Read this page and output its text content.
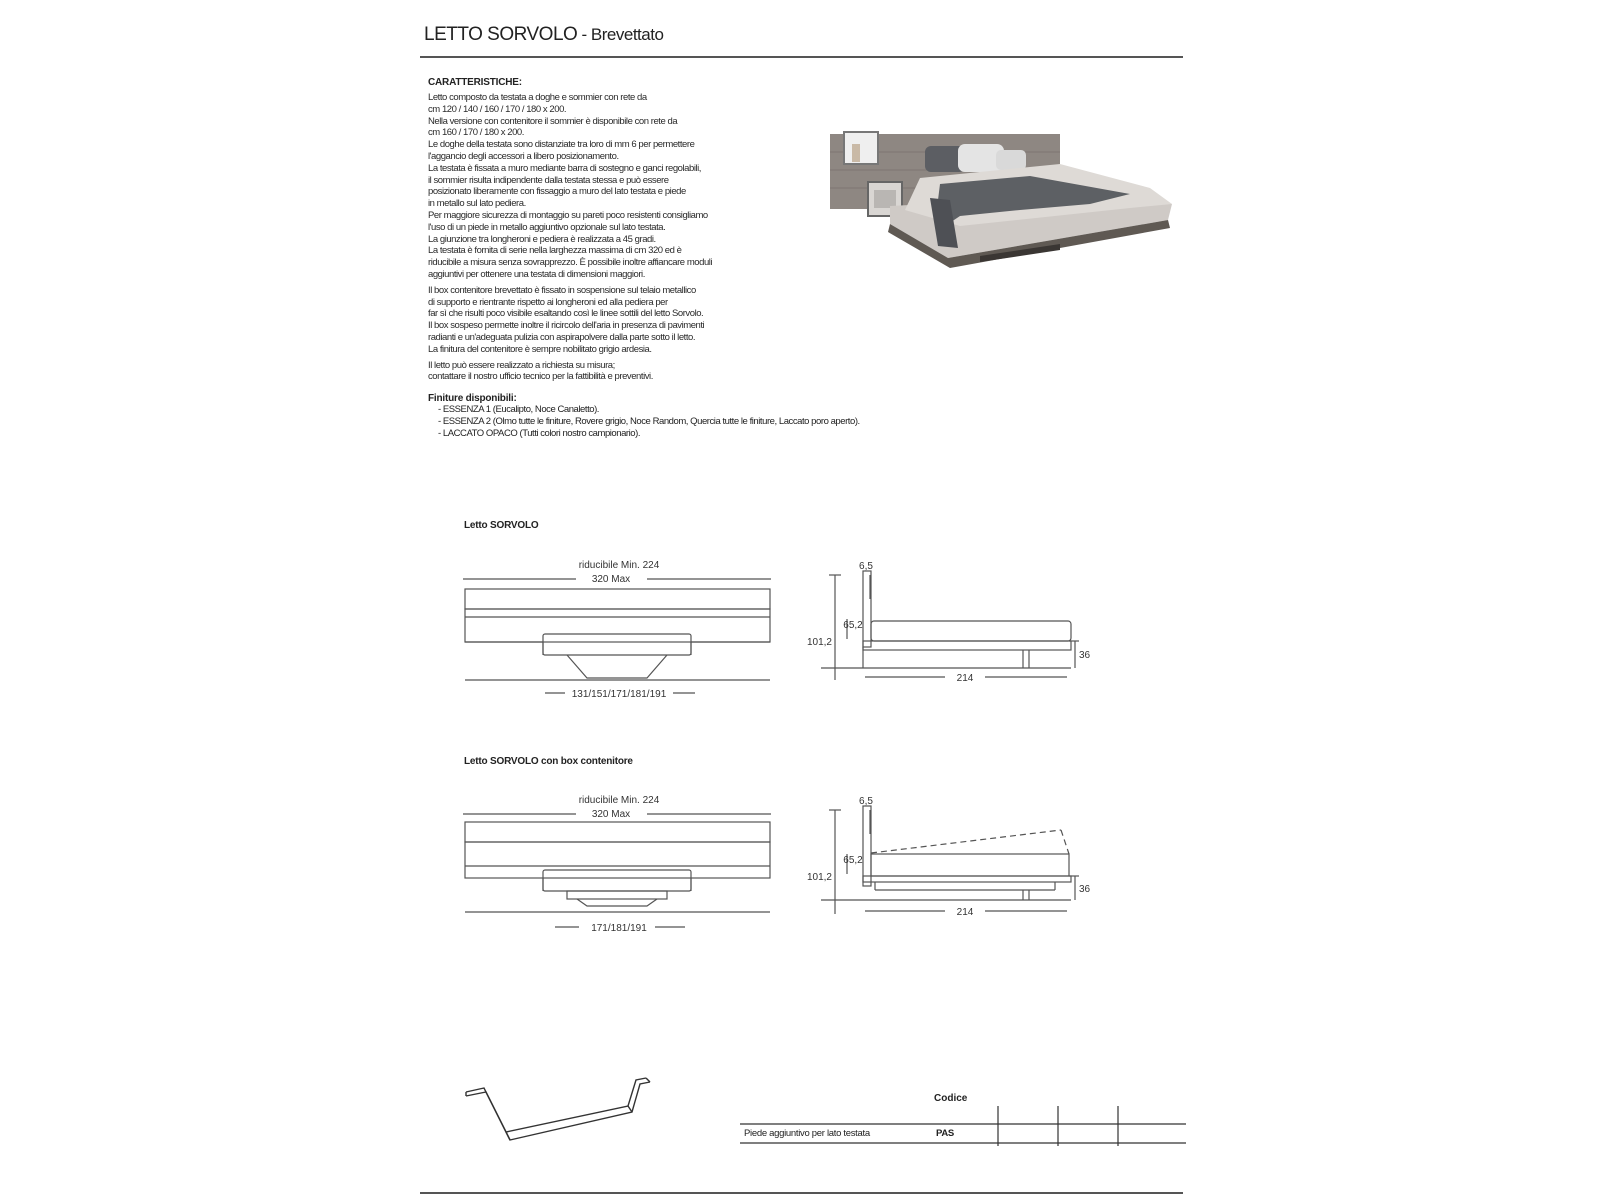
LETTO SORVOLO - Brevettato
CARATTERISTICHE:

Letto composto da testata a doghe e sommier con rete da

cm 120 / 140 / 160 / 170 / 180 x 200.

Nella versione con contenitore il sommier è disponibile con rete da

cm 160 / 170 / 180 x 200.

Le doghe della testata sono distanziate tra loro di mm 6 per permettere

l'aggancio degli accessori a libero posizionamento.

La testata è fissata a muro mediante barra di sostegno e ganci regolabili,

il sommier risulta indipendente dalla testata stessa e può essere

posizionato liberamente con fissaggio a muro del lato testata e piede

in metallo sul lato pediera.

Per maggiore sicurezza di montaggio su pareti poco resistenti consigliamo

l'uso di un piede in metallo aggiuntivo opzionale sul lato testata.

La giunzione tra longheroni e pediera è realizzata a 45 gradi.

La testata è fornita di serie nella larghezza massima di cm 320 ed è

riducibile a misura senza sovrapprezzo. È possibile inoltre affiancare moduli

aggiuntivi per ottenere una testata di dimensioni maggiori.

Il box contenitore brevettato è fissato in sospensione sul telaio metallico

di supporto e rientrante rispetto ai longheroni ed alla pediera per

far sì che risulti poco visibile esaltando così le linee sottili del letto Sorvolo.

Il box sospeso permette inoltre il ricircolo dell'aria in presenza di pavimenti

radianti e un'adeguata pulizia con aspirapolvere dalla parte sotto il letto.

La finitura del contenitore è sempre nobilitato grigio ardesia.

Il letto può essere realizzato a richiesta su misura;

contattare il nostro ufficio tecnico per la fattibilità e preventivi.

Finiture disponibili:
- ESSENZA 1 (Eucalipto, Noce Canaletto).
- ESSENZA 2 (Olmo tutte le finiture, Rovere grigio, Noce Random, Quercia tutte le finiture, Laccato poro aperto).
- LACCATO OPACO (Tutti colori nostro campionario).
Letto SORVOLO
riducibile Min. 224
320 Max
131/151/171/181/191
6,5
65,2
101,2
36
214
Letto SORVOLO con box contenitore
riducibile Min. 224
320 Max
171/181/191
6,5
65,2
101,2
36
214
Codice
Piede aggiuntivo per lato testata	PAS
